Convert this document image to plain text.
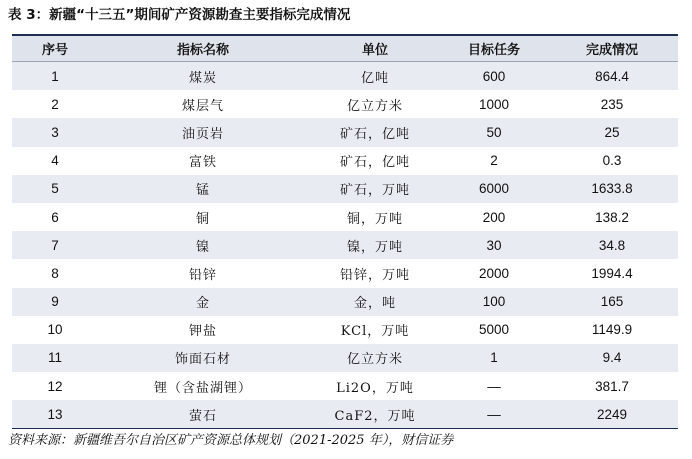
表 3：新疆“十三五”期间矿产资源勘查主要指标完成情况
序号	指标名称	单位	目标任务	完成情况
1	煤炭	亿吨	600	864.4
2	煤层气	亿立方米	1000	235
3	油页岩	矿石，亿吨	50	25
4	富铁	矿石，亿吨	2	0.3
5	锰	矿石，万吨	6000	1633.8
6	铜	铜，万吨	200	138.2
7	镍	镍，万吨	30	34.8
8	铅锌	铅锌，万吨	2000	1994.4
9	金	金，吨	100	165
10	钾盐	KCl，万吨	5000	1149.9
11	饰面石材	亿立方米	1	9.4
12	锂（含盐湖锂）	Li2O，万吨	—	381.7
13	萤石	CaF2，万吨	—	2249
资料来源：新疆维吾尔自治区矿产资源总体规划（2021-2025 年），财信证券
